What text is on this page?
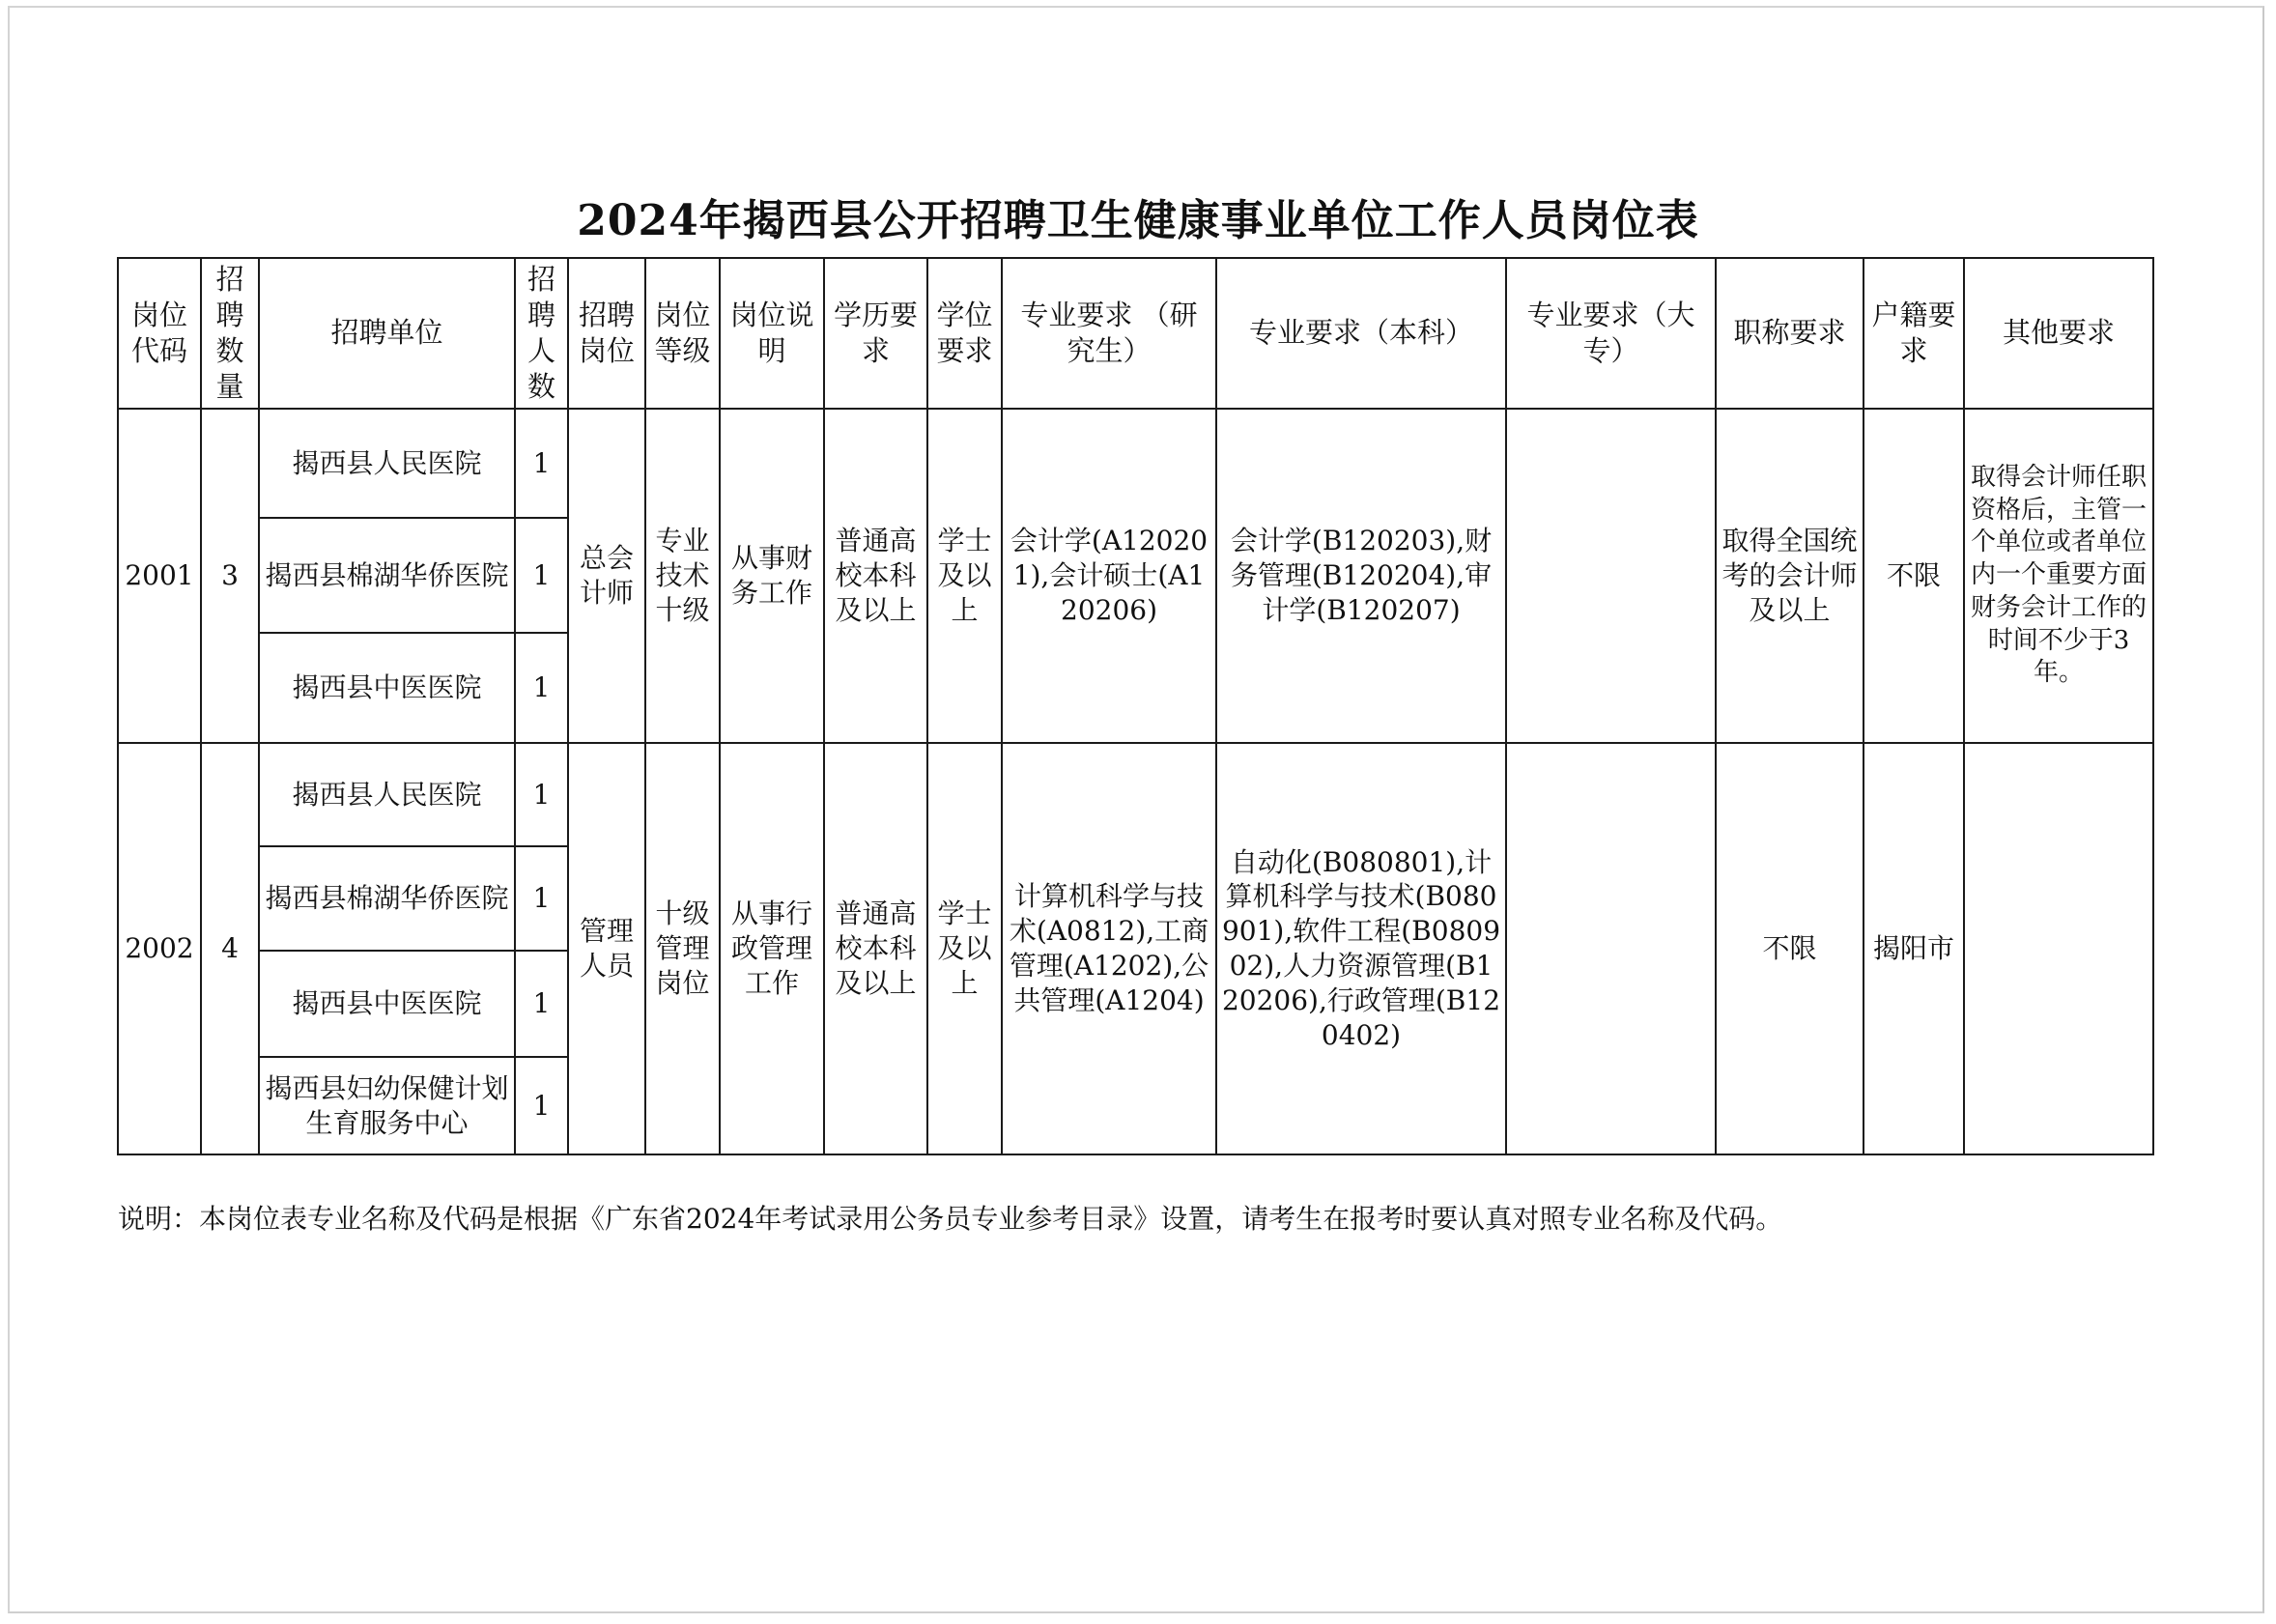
2024年揭西县公开招聘卫生健康事业单位工作人员岗位表
岗位代码	招聘数量	招聘单位	招聘人数	招聘岗位	岗位等级	岗位说明	学历要求	学位要求	专业要求 （研究生）	专业要求（本科）	专业要求（大专）	职称要求	户籍要求	其他要求
2001	3	揭西县人民医院	1	总会计师	专业技术十级	从事财务工作	普通高校本科及以上	学士及以上	会计学(A120201),会计硕士(A120206)	会计学(B120203),财务管理(B120204),审计学(B120207)		取得全国统考的会计师及以上	不限	取得会计师任职资格后，主管一个单位或者单位内一个重要方面财务会计工作的时间不少于3年。
		揭西县棉湖华侨医院	1											
		揭西县中医医院	1											
2002	4	揭西县人民医院	1	管理人员	十级管理岗位	从事行政管理工作	普通高校本科及以上	学士及以上	计算机科学与技术(A0812),工商管理(A1202),公共管理(A1204)	自动化(B080801),计算机科学与技术(B080901),软件工程(B080902),人力资源管理(B120206),行政管理(B120402)		不限	揭阳市	
		揭西县棉湖华侨医院	1											
		揭西县中医医院	1											
		揭西县妇幼保健计划生育服务中心	1											
说明：本岗位表专业名称及代码是根据《广东省2024年考试录用公务员专业参考目录》设置，请考生在报考时要认真对照专业名称及代码。
